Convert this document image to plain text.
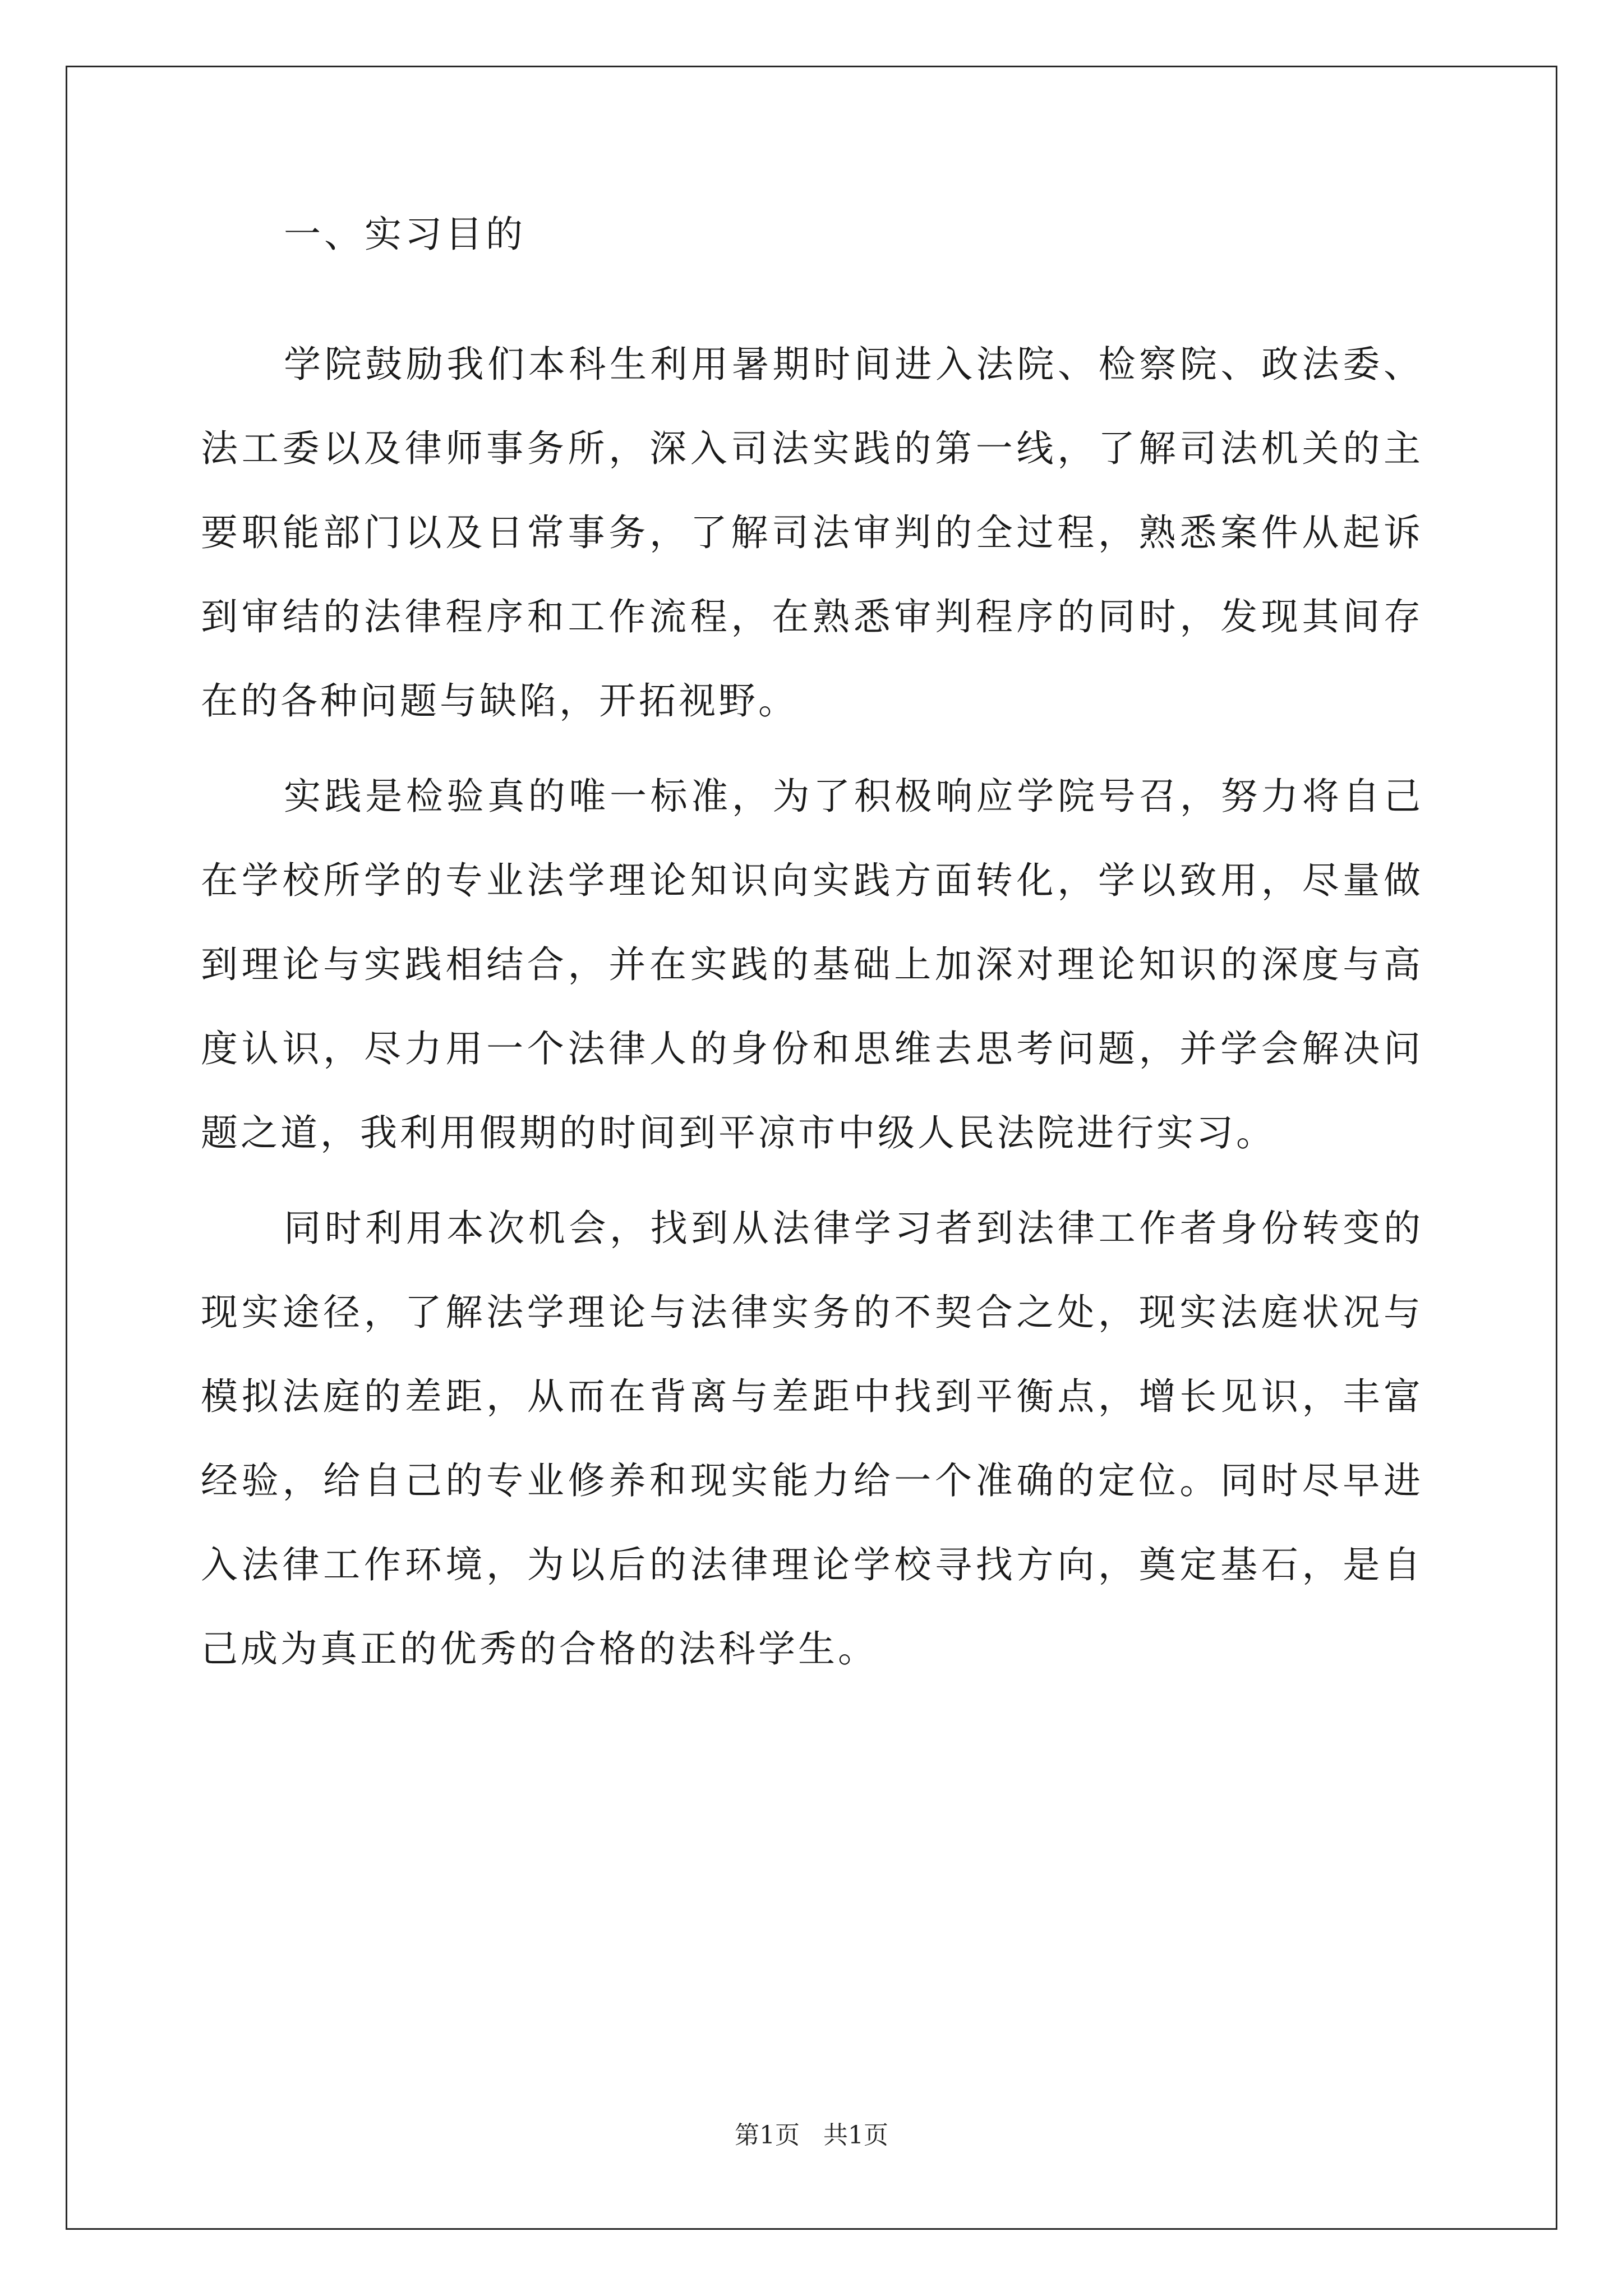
一、实习目的

学院鼓励我们本科生利用暑期时间进入法院、检察院、政法委、法工委以及律师事务所，深入司法实践的第一线，了解司法机关的主要职能部门以及日常事务，了解司法审判的全过程，熟悉案件从起诉到审结的法律程序和工作流程，在熟悉审判程序的同时，发现其间存在的各种问题与缺陷，开拓视野。

实践是检验真的唯一标准，为了积极响应学院号召，努力将自己在学校所学的专业法学理论知识向实践方面转化，学以致用，尽量做到理论与实践相结合，并在实践的基础上加深对理论知识的深度与高度认识，尽力用一个法律人的身份和思维去思考问题，并学会解决问题之道，我利用假期的时间到平凉市中级人民法院进行实习。

同时利用本次机会，找到从法律学习者到法律工作者身份转变的现实途径，了解法学理论与法律实务的不契合之处，现实法庭状况与模拟法庭的差距，从而在背离与差距中找到平衡点，增长见识，丰富经验，给自己的专业修养和现实能力给一个准确的定位。同时尽早进入法律工作环境，为以后的法律理论学校寻找方向，奠定基石，是自己成为真正的优秀的合格的法科学生。

第1页 共1页
